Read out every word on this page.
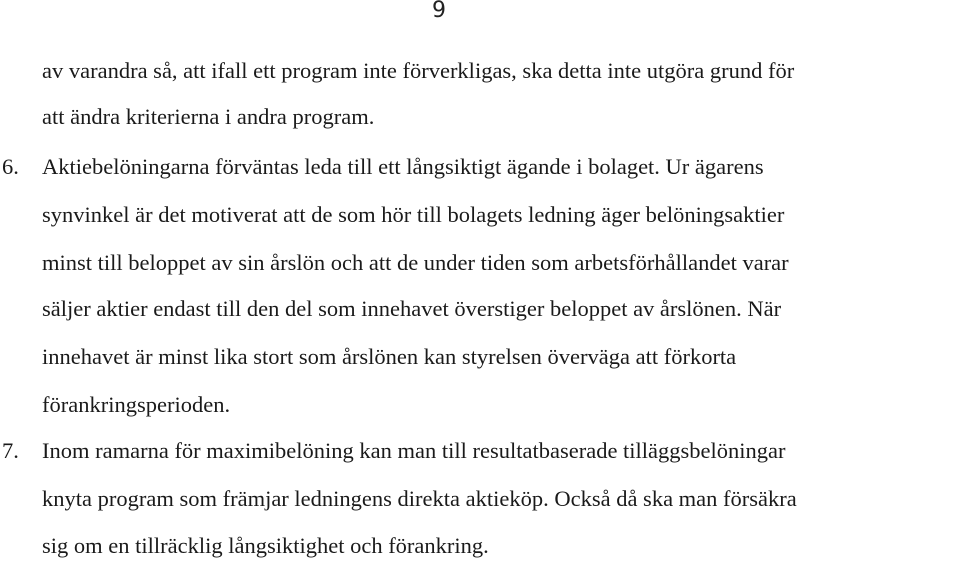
9
av varandra så, att ifall ett program inte förverkligas, ska detta inte utgöra grund för
att ändra kriterierna i andra program.
6. Aktiebelöningarna förväntas leda till ett långsiktigt ägande i bolaget. Ur ägarens
synvinkel är det motiverat att de som hör till bolagets ledning äger belöningsaktier
minst till beloppet av sin årslön och att de under tiden som arbetsförhållandet varar
säljer aktier endast till den del som innehavet överstiger beloppet av årslönen. När
innehavet är minst lika stort som årslönen kan styrelsen överväga att förkorta
förankringsperioden.
7. Inom ramarna för maximibelöning kan man till resultatbaserade tilläggsbelöningar
knyta program som främjar ledningens direkta aktieköp. Också då ska man försäkra
sig om en tillräcklig långsiktighet och förankring.
